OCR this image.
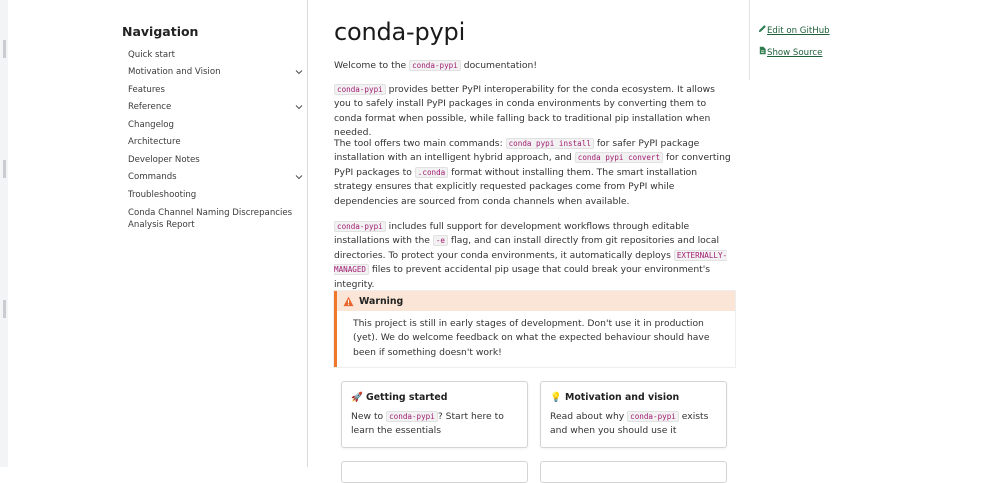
Navigation
Quick start
Motivation and Vision
Features
Reference
Changelog
Architecture
Developer Notes
Commands
Troubleshooting
Conda Channel Naming Discrepancies
Analysis Report
conda-pypi
Welcome to the conda-pypi documentation!
conda-pypi provides better PyPI interoperability for the conda ecosystem. It allows you to safely install PyPI packages in conda environments by converting them to conda format when possible, while falling back to traditional pip installation when needed.
The tool offers two main commands: conda pypi install for safer PyPI package installation with an intelligent hybrid approach, and conda pypi convert for converting PyPI packages to .conda format without installing them. The smart installation strategy ensures that explicitly requested packages come from PyPI while dependencies are sourced from conda channels when available.
conda-pypi includes full support for development workflows through editable installations with the -e flag, and can install directly from git repositories and local directories. To protect your conda environments, it automatically deploys EXTERNALLY-MANAGED files to prevent accidental pip usage that could break your environment's integrity.
Warning
This project is still in early stages of development. Don't use it in production (yet). We do welcome feedback on what the expected behaviour should have been if something doesn't work!
🚀 Getting started
New to conda-pypi ? Start here to learn the essentials
💡 Motivation and vision
Read about why conda-pypi exists and when you should use it
Edit on GitHub
Show Source
